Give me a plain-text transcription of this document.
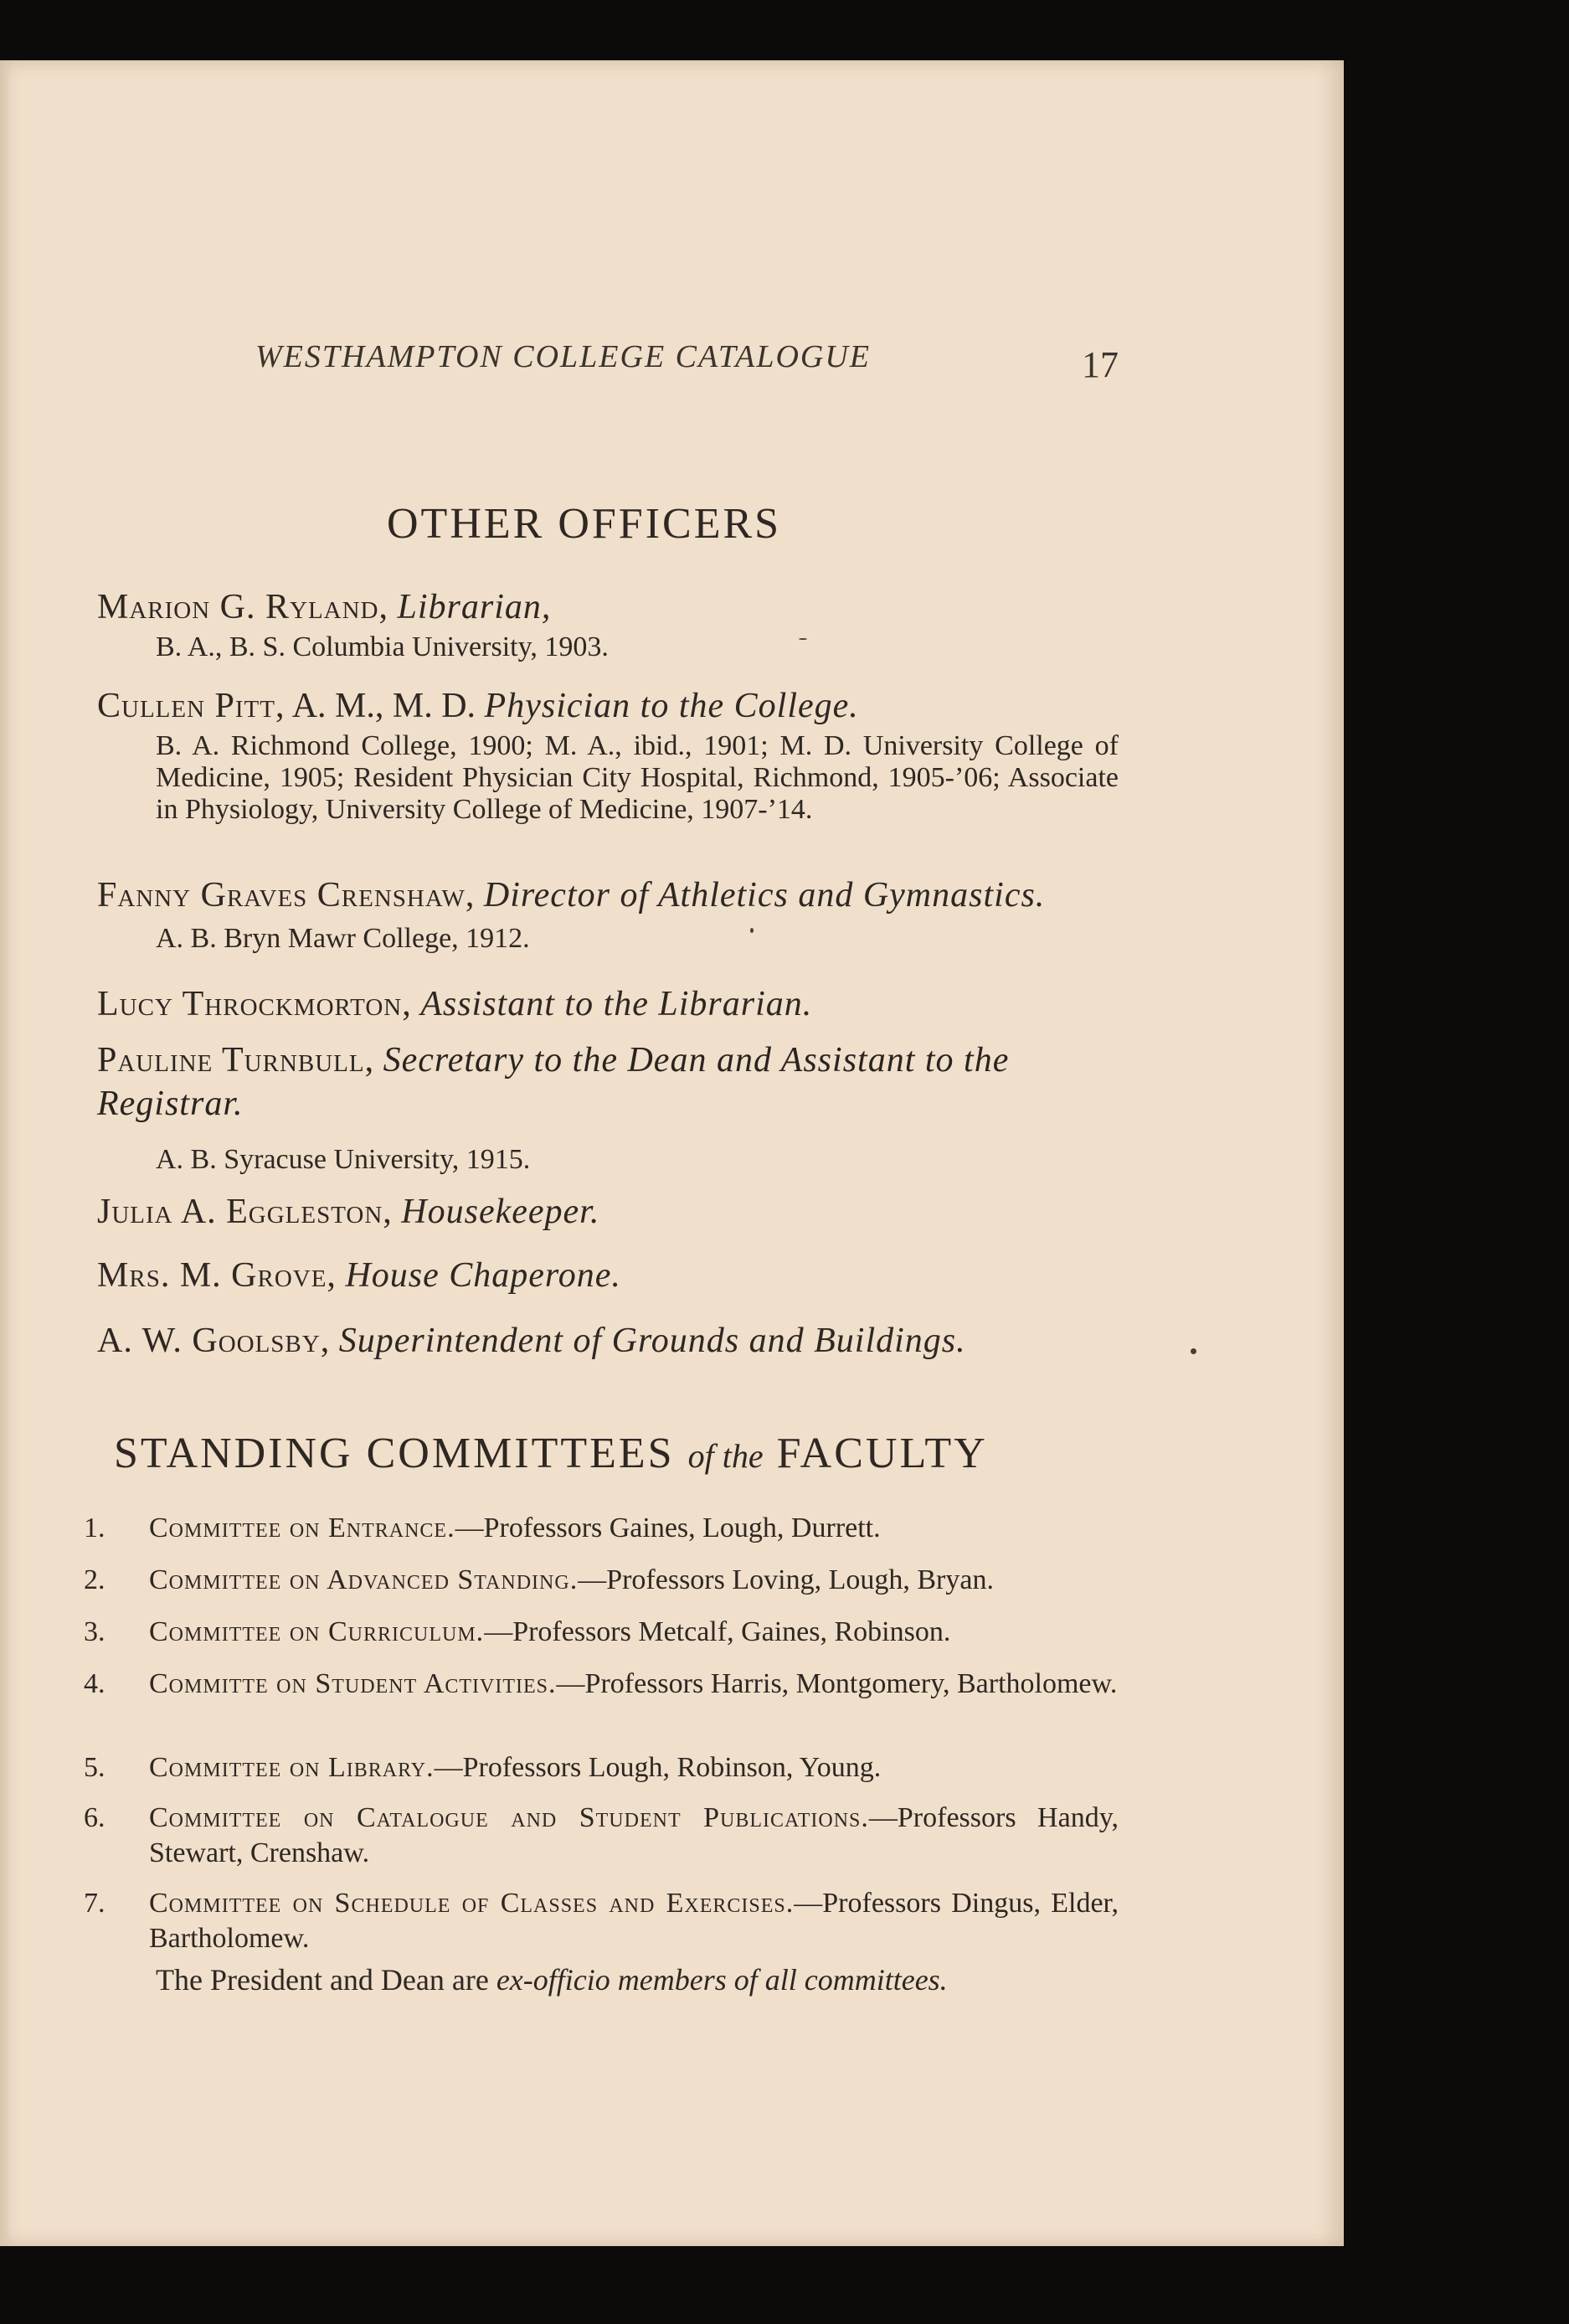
WESTHAMPTON COLLEGE CATALOGUE	17
OTHER OFFICERS
Marion G. Ryland, Librarian,
B. A., B. S. Columbia University, 1903.
Cullen Pitt, A. M., M. D. Physician to the College.
B. A. Richmond College, 1900; M. A., ibid., 1901; M. D. University College of Medicine, 1905; Resident Physician City Hospital, Richmond, 1905-’06; Associate in Physiology, University College of Medicine, 1907-’14.
Fanny Graves Crenshaw, Director of Athletics and Gymnastics.
A. B. Bryn Mawr College, 1912.
Lucy Throckmorton, Assistant to the Librarian.
Pauline Turnbull, Secretary to the Dean and Assistant to the Registrar.
A. B. Syracuse University, 1915.
Julia A. Eggleston, Housekeeper.
Mrs. M. Grove, House Chaperone.
A. W. Goolsby, Superintendent of Grounds and Buildings.
STANDING COMMITTEES of the FACULTY
1.	Committee on Entrance.—Professors Gaines, Lough, Durrett.
2.	Committee on Advanced Standing.—Professors Loving, Lough, Bryan.
3.	Committee on Curriculum.—Professors Metcalf, Gaines, Robinson.
4.	Committe on Student Activities.—Professors Harris, Montgomery, Bartholomew.
5.	Committee on Library.—Professors Lough, Robinson, Young.
6.	Committee on Catalogue and Student Publications.—Professors Handy, Stewart, Crenshaw.
7.	Committee on Schedule of Classes and Exercises.—Professors Dingus, Elder, Bartholomew.
The President and Dean are ex-officio members of all committees.
